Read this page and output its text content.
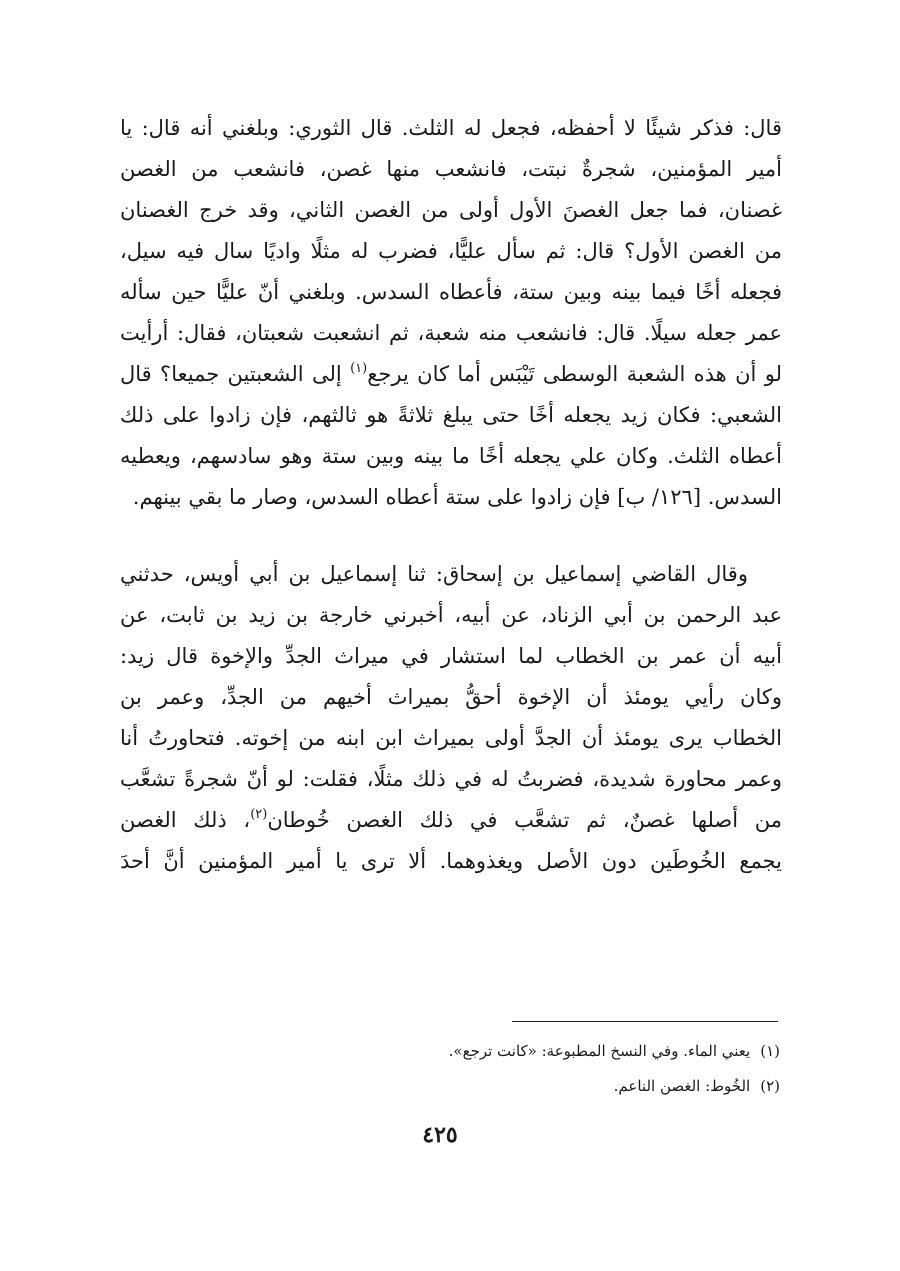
قال: فذكر شيئًا لا أحفظه، فجعل له الثلث. قال الثوري: وبلغني أنه قال: يا
أمير المؤمنين، شجرةٌ نبتت، فانشعب منها غصن، فانشعب من الغصن
غصنان، فما جعل الغصنَ الأول أولى من الغصن الثاني، وقد خرج الغصنان
من الغصن الأول؟ قال: ثم سأل عليًّا، فضرب له مثلًا واديًا سال فيه سيل،
فجعله أخًا فيما بينه وبين ستة، فأعطاه السدس. وبلغني أنّ عليًّا حين سأله
عمر جعله سيلًا. قال: فانشعب منه شعبة، ثم انشعبت شعبتان، فقال: أرأيت
لو أن هذه الشعبة الوسطى تَيْبَس أما كان يرجع$^{(١)}$ إلى الشعبتين جميعا؟ قال
الشعبي: فكان زيد يجعله أخًا حتى يبلغ ثلاثةً هو ثالثهم، فإن زادوا على ذلك
أعطاه الثلث. وكان علي يجعله أخًا ما بينه وبين ستة وهو سادسهم، ويعطيه
السدس. [١٢٦/ ب] فإن زادوا على ستة أعطاه السدس، وصار ما بقي بينهم.
وقال القاضي إسماعيل بن إسحاق: ثنا إسماعيل بن أبي أويس، حدثني
عبد الرحمن بن أبي الزناد، عن أبيه، أخبرني خارجة بن زيد بن ثابت، عن
أبيه أن عمر بن الخطاب لما استشار في ميراث الجدِّ والإخوة قال زيد:
وكان رأيي يومئذ أن الإخوة أحقُّ بميراث أخيهم من الجدِّ، وعمر بن
الخطاب يرى يومئذ أن الجدَّ أولى بميراث ابن ابنه من إخوته. فتحاورتُ أنا
وعمر محاورة شديدة، فضربتُ له في ذلك مثلًا، فقلت: لو أنّ شجرةً تشعَّب
من أصلها غصنٌ، ثم تشعَّب في ذلك الغصن خُوطان$^{(٢)}$، ذلك الغصن
يجمع الخُوطَين دون الأصل ويغذوهما. ألا ترى يا أمير المؤمنين أنَّ أحدَ
(١)يعني الماء. وفي النسخ المطبوعة: «كانت ترجع».
(٢)الخُوط: الغصن الناعم.
٤٢٥
